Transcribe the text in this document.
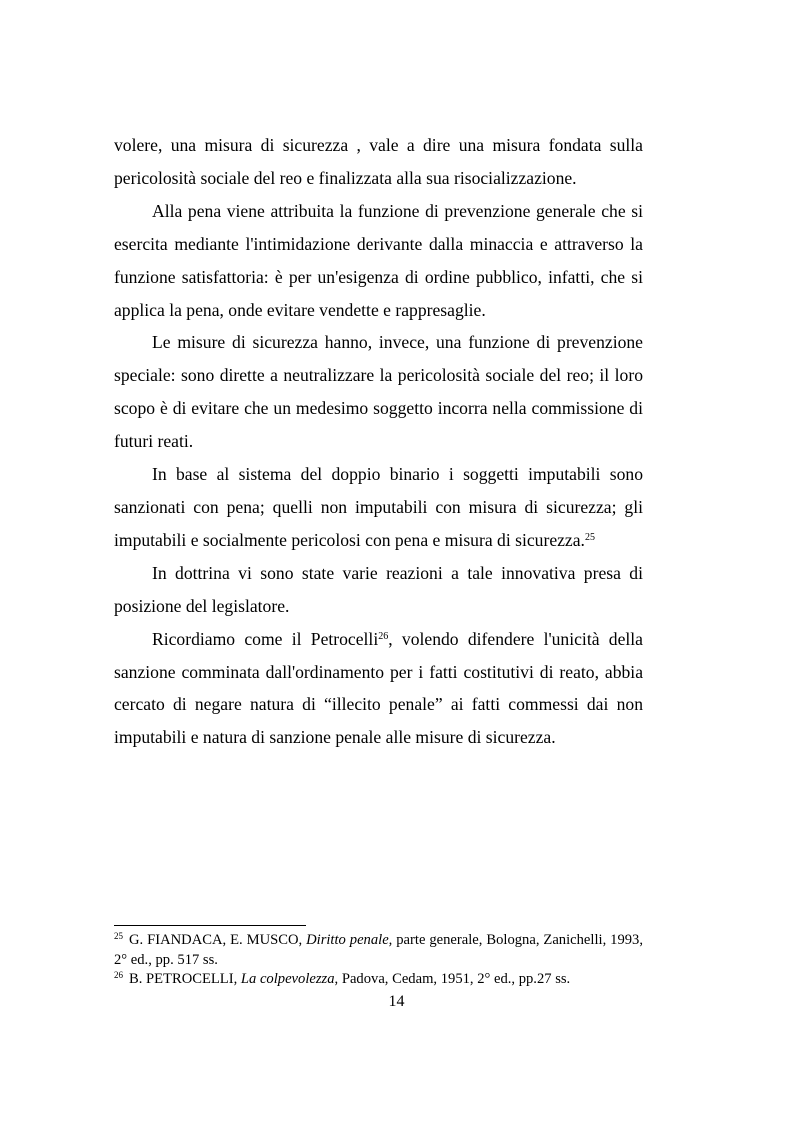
volere, una misura di sicurezza , vale a dire una misura fondata sulla pericolosità sociale del reo e finalizzata alla sua risocializzazione.

Alla pena viene attribuita la funzione di prevenzione generale che si esercita mediante l'intimidazione derivante dalla minaccia e attraverso la funzione satisfattoria: è per un'esigenza di ordine pubblico, infatti, che si applica la pena, onde evitare vendette e rappresaglie.

Le misure di sicurezza hanno, invece, una funzione di prevenzione speciale: sono dirette a neutralizzare la pericolosità sociale del reo; il loro scopo è di evitare che un medesimo soggetto incorra nella commissione di futuri reati.

In base al sistema del doppio binario i soggetti imputabili sono sanzionati con pena; quelli non imputabili con misura di sicurezza; gli imputabili e socialmente pericolosi con pena e misura di sicurezza.$^{25}$

In dottrina vi sono state varie reazioni a tale innovativa presa di posizione del legislatore.

Ricordiamo come il Petrocelli$^{26}$, volendo difendere l'unicità della sanzione comminata dall'ordinamento per i fatti costitutivi di reato, abbia cercato di negare natura di “illecito penale” ai fatti commessi dai non imputabili e natura di sanzione penale alle misure di sicurezza.

$^{25}$ G. FIANDACA, E. MUSCO, Diritto penale, parte generale, Bologna, Zanichelli, 1993, 2° ed., pp. 517 ss.

$^{26}$ B. PETROCELLI, La colpevolezza, Padova, Cedam, 1951, 2° ed., pp.27 ss.

14
